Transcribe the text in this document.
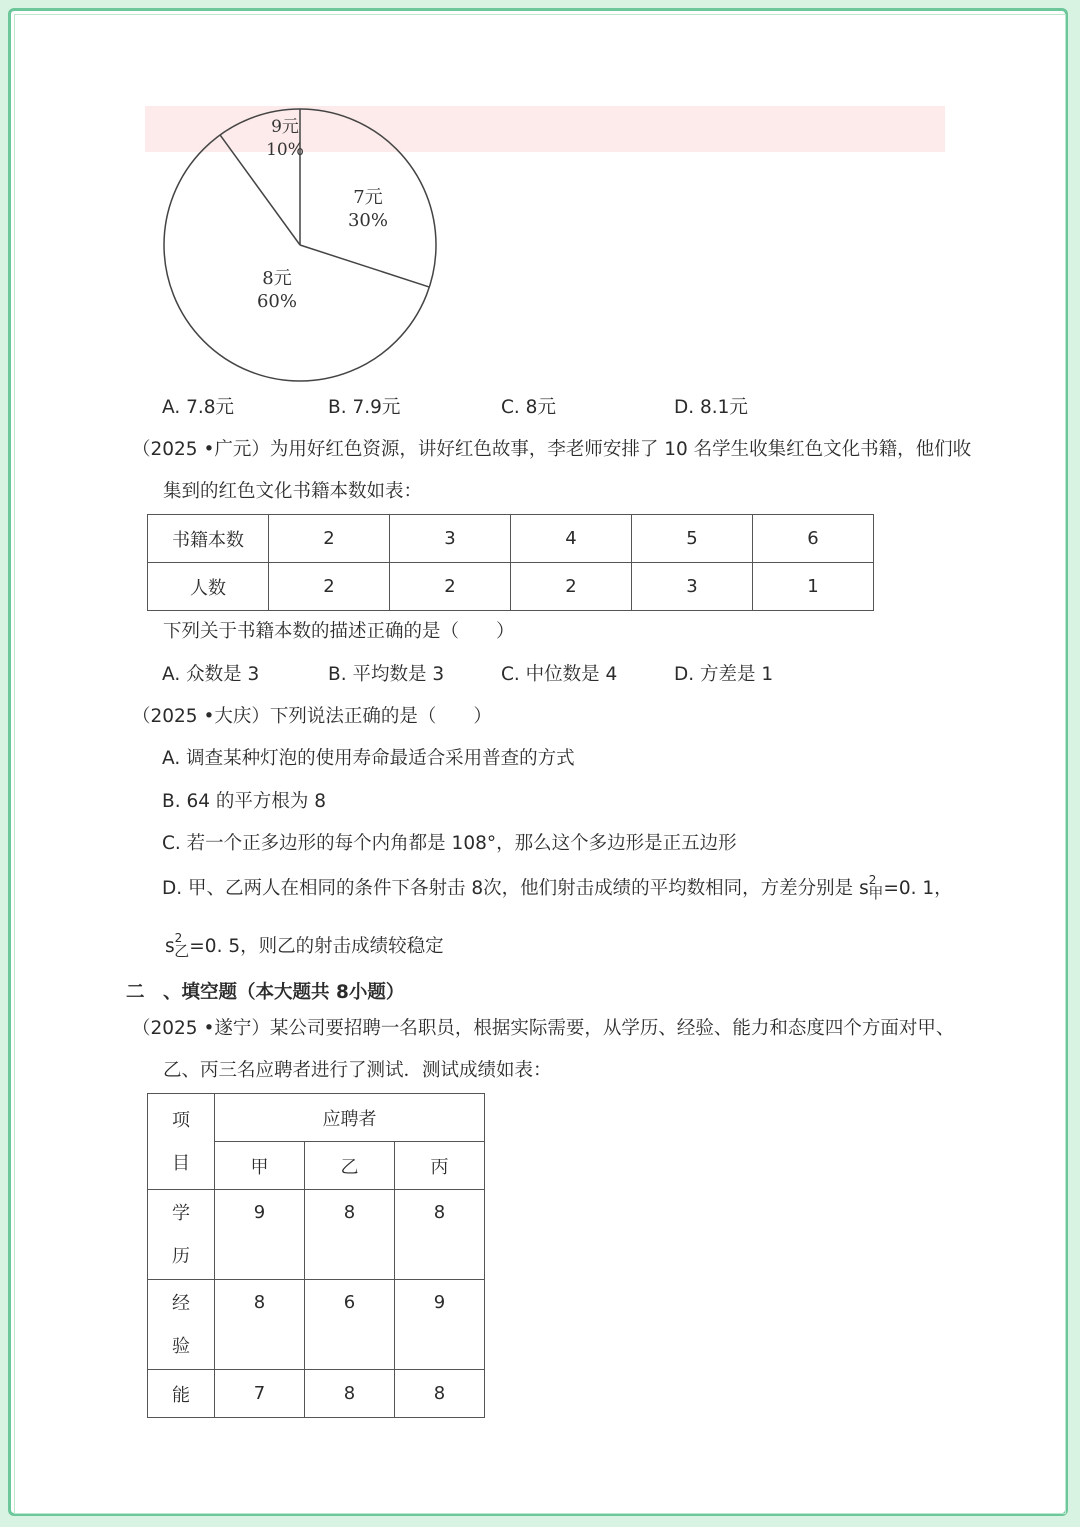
7元
30%
8元
60%
9元
10%
A. 7.8元	B. 7.9元	C. 8元	D. 8.1元
（2025 •广元）为用好红色资源，讲好红色故事，李老师安排了 10 名学生收集红色文化书籍，他们收
集到的红色文化书籍本数如表：
书籍本数	2	3	4	5	6
人数	2	2	2	3	1
下列关于书籍本数的描述正确的是（　　）
A. 众数是 3	B. 平均数是 3	C. 中位数是 4	D. 方差是 1
（2025 •大庆）下列说法正确的是（　　）
A. 调查某种灯泡的使用寿命最适合采用普查的方式
B. 64 的平方根为 8
C. 若一个正多边形的每个内角都是 108°，那么这个多边形是正五边形
D. 甲、乙两人在相同的条件下各射击 8次，他们射击成绩的平均数相同，方差分别是 $s^2_甲=0$. 1，
$s^2_乙=0$. 5，则乙的射击成绩较稳定
二　、填空题（本大题共 8小题）
（2025 •遂宁）某公司要招聘一名职员，根据实际需要，从学历、经验、能力和态度四个方面对甲、
乙、丙三名应聘者进行了测试．测试成绩如表：
项
目	应聘者		
	甲	乙	丙

学
历	9	8	8

经
验	8	6	9
能	7	8	8
